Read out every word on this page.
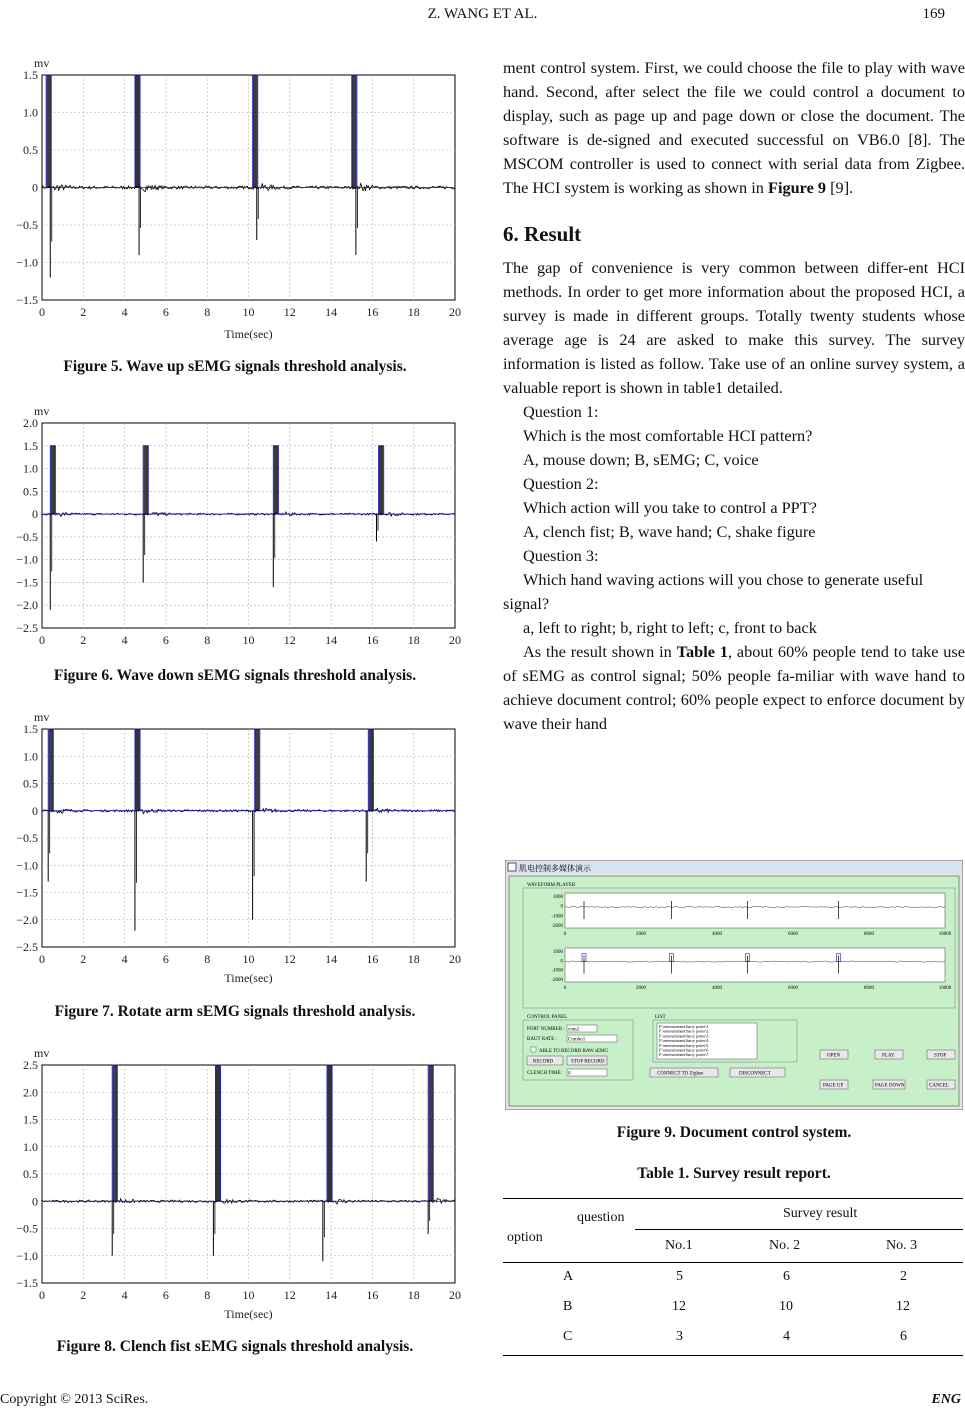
Z. WANG ET AL.	169
1.5
1.0
0.5
0
−0.5
−1.0
−1.5
0	2	4	6	8	10 12 14 16 18 20
mv
Time(sec)
Figure 5. Wave up sEMG signals threshold analysis.
2.0
1.5
1.0
0.5
0
−0.5
−1.0
−1.5
−2.0
−2.5
0	2	4	6	8	10 12 14 16 18 20
mv
Figure 6. Wave down sEMG signals threshold analysis.
1.5
1.0
0.5
0
−0.5
−1.0
−1.5
−2.0
−2.5
0	2	4	6	8	10 12 14 16 18 20
mv
Time(sec)
Figure 7. Rotate arm sEMG signals threshold analysis.
2.5
2.0
1.5
1.0
0.5
0
−0.5
−1.0
−1.5
0	2	4	6	8	10 12 14 16 18 20
mv
Time(sec)
Figure 8. Clench fist sEMG signals threshold analysis.

ment control system. First, we could choose the file to play with wave hand. Second, after select the file we could control a document to display, such as page up and page down or close the document. The software is de-signed and executed successful on VB6.0 [8]. The MSCOM controller is used to connect with serial data from Zigbee. The HCI system is working as shown in Figure 9 [9].

6. Result

The gap of convenience is very common between differ-ent HCI methods. In order to get more information about the proposed HCI, a survey is made in different groups. Totally twenty students whose average age is 24 are asked to make this survey. The survey information is listed as follow. Take use of an online survey system, a valuable report is shown in table1 detailed.

Question 1:

Which is the most comfortable HCI pattern?

A, mouse down; B, sEMG; C, voice

Question 2:

Which action will you take to control a PPT?

A, clench fist; B, wave hand; C, shake figure

Question 3:

Which hand waving actions will you chose to generate useful signal?

a, left to right; b, right to left; c, front to back

As the result shown in Table 1, about 60% people tend to take use of sEMG as control signal; 50% people fa-miliar with wave hand to achieve document control; 60% people expect to enforce document by wave their hand

肌电控制多媒体演示
WAVEFORM PLAYER
1000
0
-1000
-2000
0	2000	4000	6000	8000	10000
1000
0
-1000
-2000
0	2000	4000	6000	8000	10000
CONTROL PANEL
PORT NUMBER : com2
BAUT RATE : Combo1
ABLE TO RECORD RAW sEMG
RECORD	STOP RECORD
CLENCH TIME: 0	CONNECT TO Zigbee	DISCONNECT
LIST
F:\entertainment\harry potter\1
F:\entertainment\harry potter\2
F:\entertainment\harry potter\3
F:\entertainment\harry potter\4
F:\entertainment\harry potter\5
F:\entertainment\harry potter\6
F:\entertainment\harry potter\7	OPEN	PLAY	STOP
PAGE UP	PAGE DOWN	CANCEL
Figure 9. Document control system.
Table 1. Survey result report.
question
option
Survey result
No.1	No. 2	No. 3
A	5	6	2
B	12	10	12
C	3	4	6
Copyright © 2013 SciRes.	ENG
